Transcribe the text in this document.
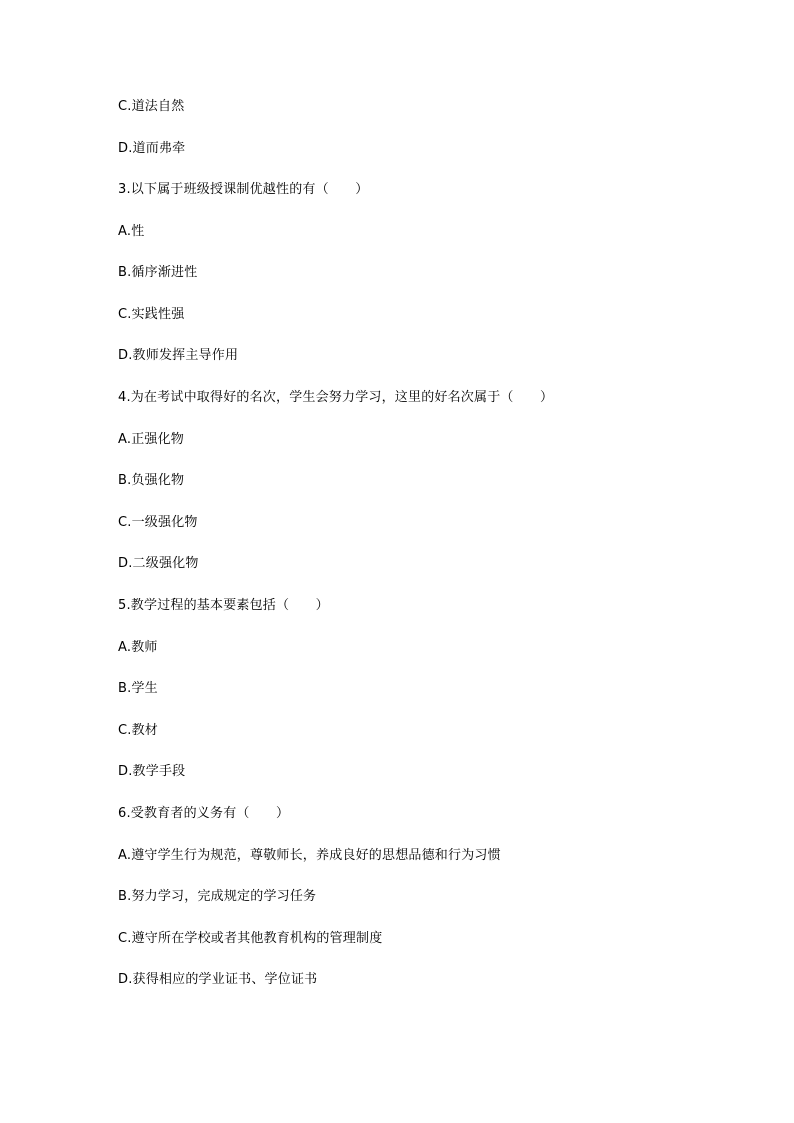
C.道法自然
D.道而弗牵
3.以下属于班级授课制优越性的有（　　）
A.性
B.循序渐进性
C.实践性强
D.教师发挥主导作用
4.为在考试中取得好的名次，学生会努力学习，这里的好名次属于（　　）
A.正强化物
B.负强化物
C.一级强化物
D.二级强化物
5.教学过程的基本要素包括（　　）
A.教师
B.学生
C.教材
D.教学手段
6.受教育者的义务有（　　）
A.遵守学生行为规范，尊敬师长，养成良好的思想品德和行为习惯
B.努力学习，完成规定的学习任务
C.遵守所在学校或者其他教育机构的管理制度
D.获得相应的学业证书、学位证书
